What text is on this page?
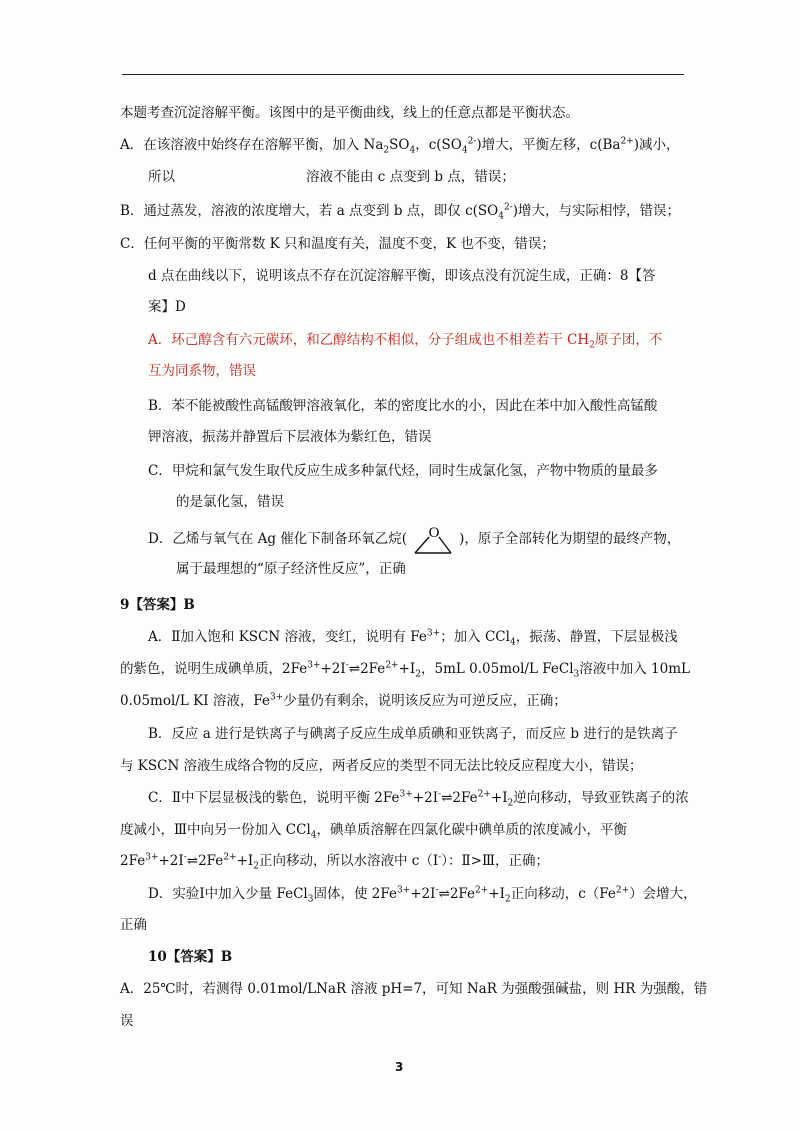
本题考查沉淀溶解平衡。该图中的是平衡曲线，线上的任意点都是平衡状态。
A．在该溶液中始终存在溶解平衡，加入 $Na_2SO_4$，$c(SO_4^{2-})$增大，平衡左移，$c(Ba^{2+})$减小，
所以	溶液不能由 c 点变到 b 点，错误；
B．通过蒸发，溶液的浓度增大，若 a 点变到 b 点，即仅 $c(SO_4^{2-})$增大，与实际相悖，错误；
C．任何平衡的平衡常数 K 只和温度有关，温度不变，K 也不变，错误；
d 点在曲线以下，说明该点不存在沉淀溶解平衡，即该点没有沉淀生成，正确：8【答
案】D
A．环己醇含有六元碳环，和乙醇结构不相似，分子组成也不相差若干 $CH_2$原子团，不
互为同系物，错误
B．苯不能被酸性高锰酸钾溶液氧化，苯的密度比水的小，因此在苯中加入酸性高锰酸
钾溶液，振荡并静置后下层液体为紫红色，错误
C．甲烷和氯气发生取代反应生成多种氯代烃，同时生成氯化氢，产物中物质的量最多
的是氯化氢，错误
D．乙烯与氧气在 Ag 催化下制备环氧乙烷( O )，原子全部转化为期望的最终产物，
属于最理想的“原子经济性反应”，正确
9【答案】B
A．Ⅱ加入饱和 KSCN 溶液，变红，说明有 $Fe^{3+}$；加入 CCl$_4$，振荡、静置，下层显极浅
的紫色，说明生成碘单质，$2Fe^{3+}+2I^-\rightleftharpoons 2Fe^{2+}+I_2$，5mL 0.05mol/L FeCl$_3$溶液中加入 10mL
0.05mol/L KI 溶液，$Fe^{3+}$少量仍有剩余，说明该反应为可逆反应，正确；
B．反应 a 进行是铁离子与碘离子反应生成单质碘和亚铁离子，而反应 b 进行的是铁离子
与 KSCN 溶液生成络合物的反应，两者反应的类型不同无法比较反应程度大小，错误；
C．Ⅱ中下层显极浅的紫色，说明平衡 $2Fe^{3+}+2I^-\rightleftharpoons 2Fe^{2+}+I_2$逆向移动，导致亚铁离子的浓
度减小，Ⅲ中向另一份加入 CCl$_4$，碘单质溶解在四氯化碳中碘单质的浓度减小，平衡
$2Fe^{3+}+2I^-\rightleftharpoons 2Fe^{2+}+I_2$正向移动，所以水溶液中 c（I-）：Ⅱ>Ⅲ，正确；
D．实验Ⅰ中加入少量 FeCl$_3$固体，使 $2Fe^{3+}+2I^-\rightleftharpoons 2Fe^{2+}+I_2$正向移动，$c(Fe^{2+})$会增大，
正确
10【答案】B
A．25℃时，若测得 0.01mol/LNaR 溶液 pH=7，可知 NaR 为强酸强碱盐，则 HR 为强酸，错
误
3
